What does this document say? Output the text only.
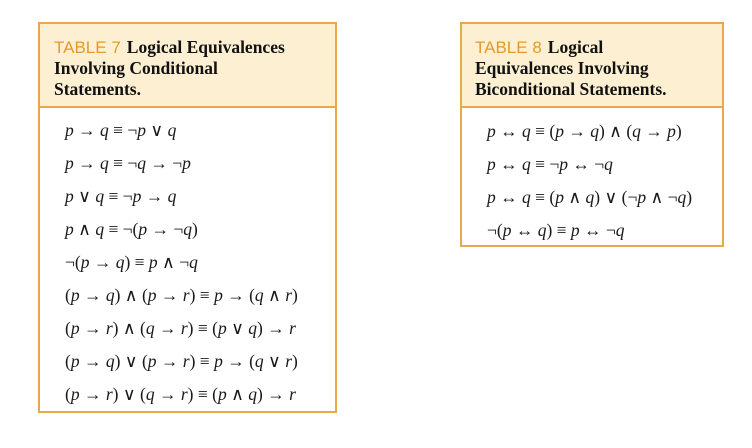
TABLE 7 Logical Equivalences
Involving Conditional
Statements.
p → q ≡ ¬p ∨ q
p → q ≡ ¬q → ¬p
p ∨ q ≡ ¬p → q
p ∧ q ≡ ¬(p → ¬q)
¬(p → q) ≡ p ∧ ¬q
(p → q) ∧ (p → r) ≡ p → (q ∧ r)
(p → r) ∧ (q → r) ≡ (p ∨ q) → r
(p → q) ∨ (p → r) ≡ p → (q ∨ r)
(p → r) ∨ (q → r) ≡ (p ∧ q) → r
TABLE 8 Logical
Equivalences Involving
Biconditional Statements.
p ↔ q ≡ (p → q) ∧ (q → p)
p ↔ q ≡ ¬p ↔ ¬q
p ↔ q ≡ (p ∧ q) ∨ (¬p ∧ ¬q)
¬(p ↔ q) ≡ p ↔ ¬q
